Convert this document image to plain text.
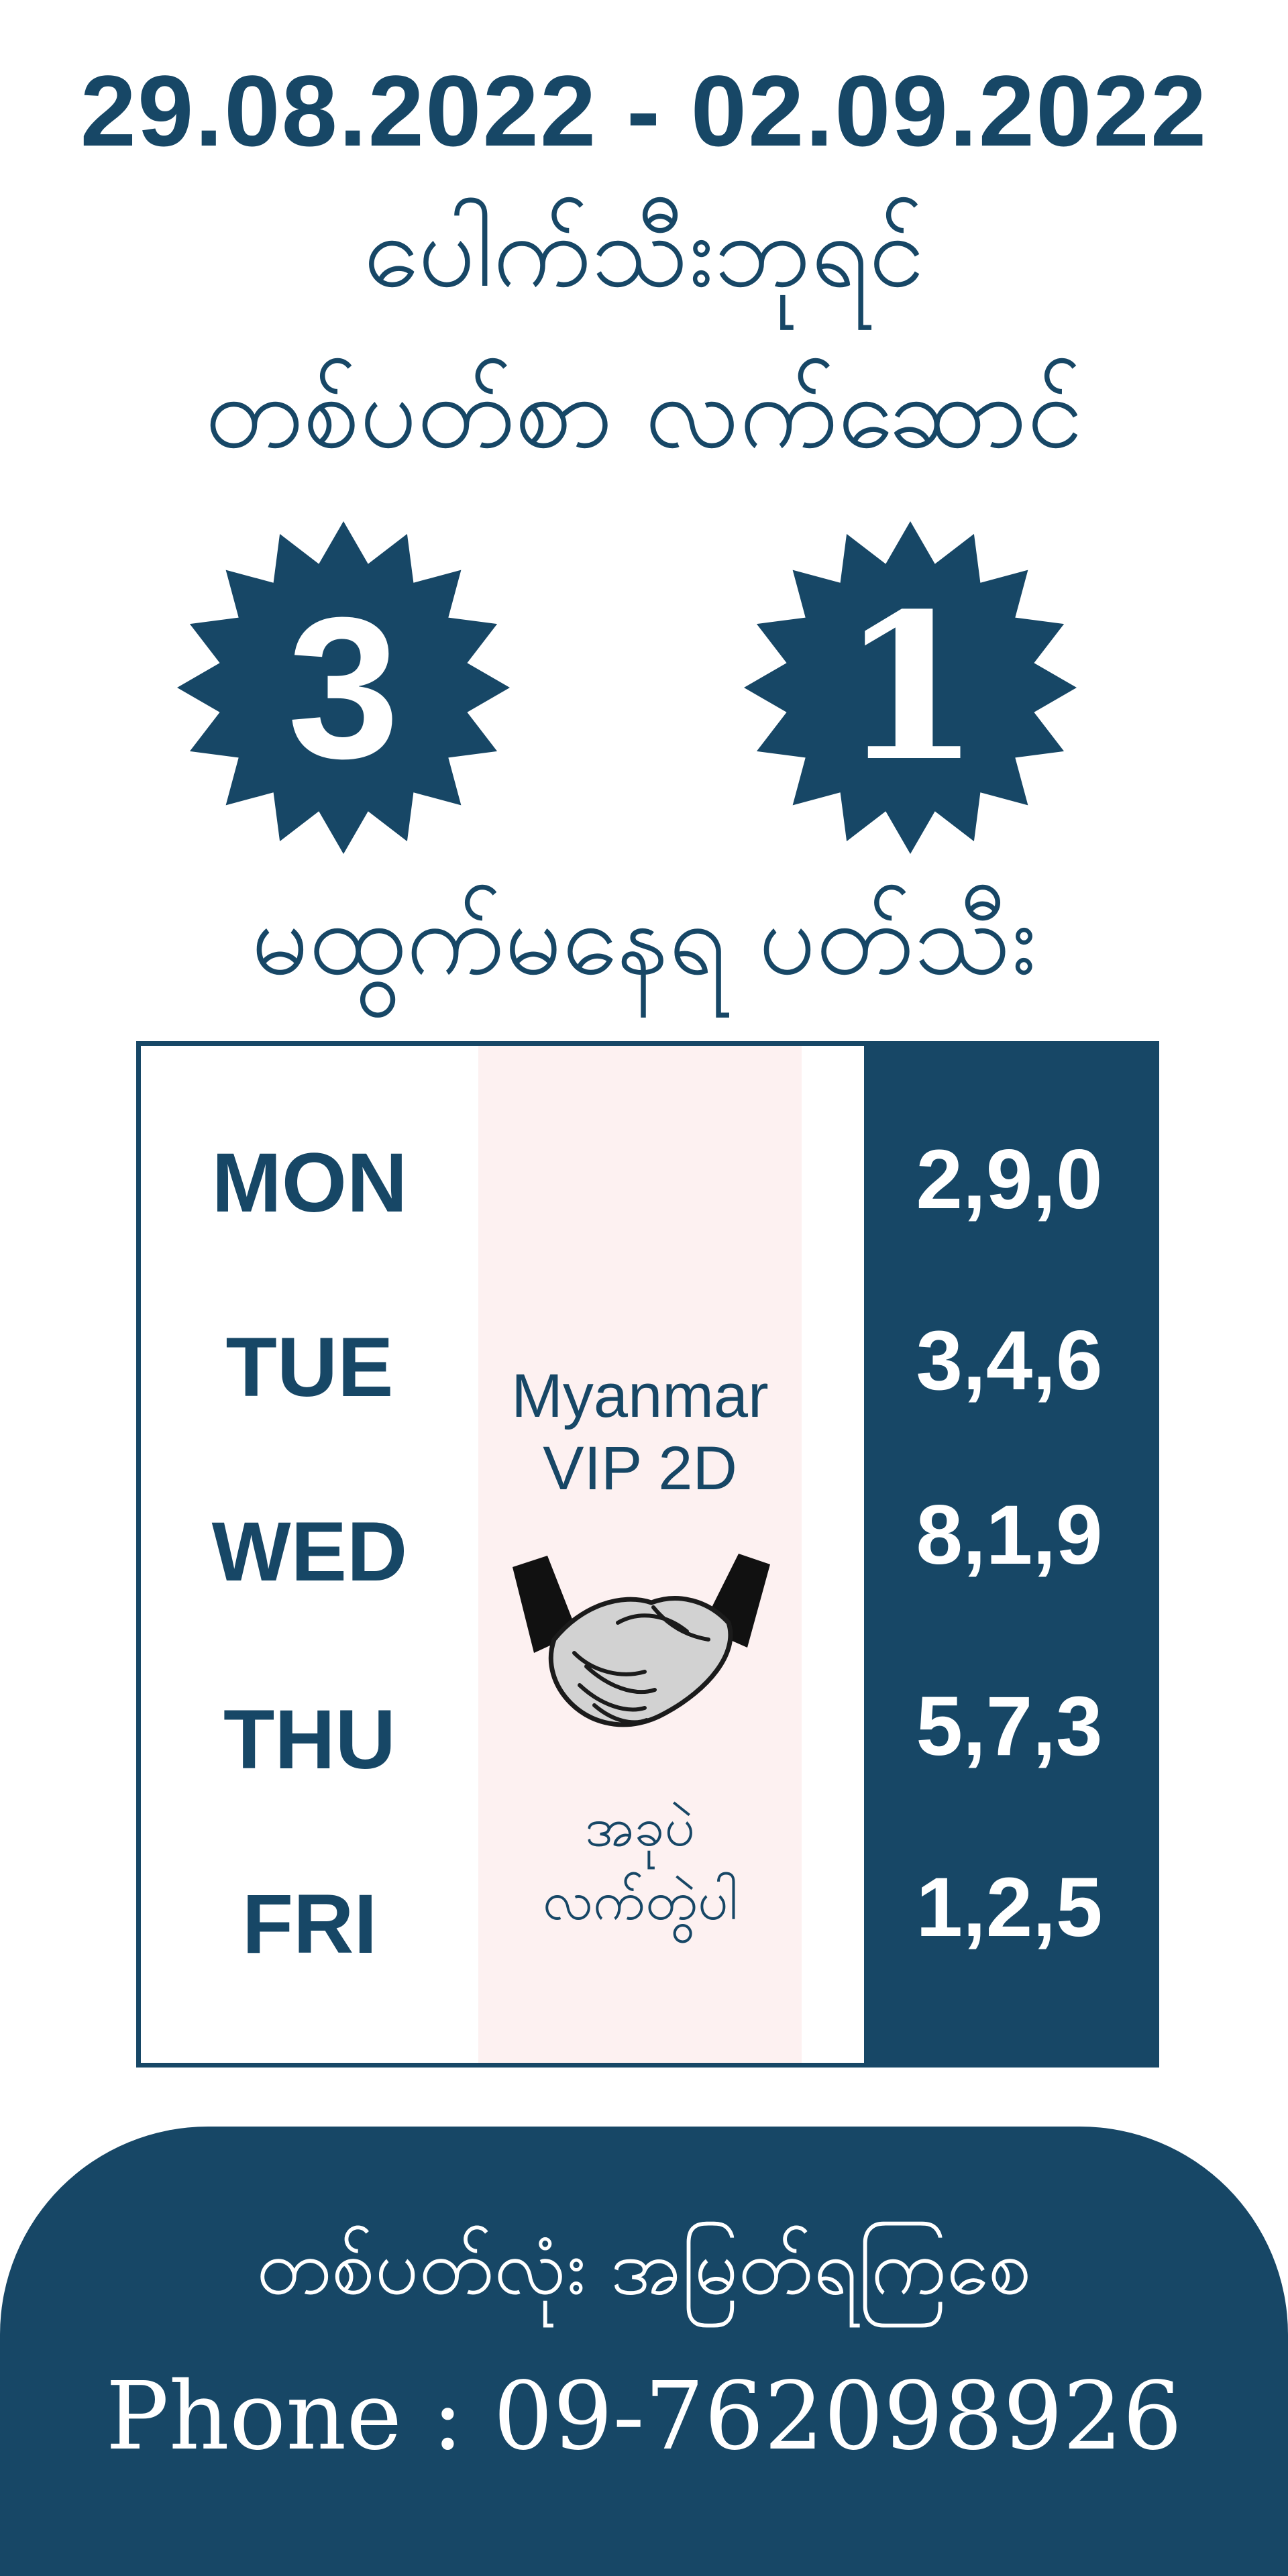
29.08.2022 - 02.09.2022
ပေါက်သီးဘုရင်
တစ်ပတ်စာ လက်ဆောင်
3	1
မထွက်မနေရ ပတ်သီး
MON
TUE
WED
THU
FRI
2,9,0
3,4,6
8,1,9
5,7,3
1,2,5
Myanmar
VIP 2D
အခုပဲ
လက်တွဲပါ
တစ်ပတ်လုံး အမြတ်ရကြစေ
Phone : 09-762098926
